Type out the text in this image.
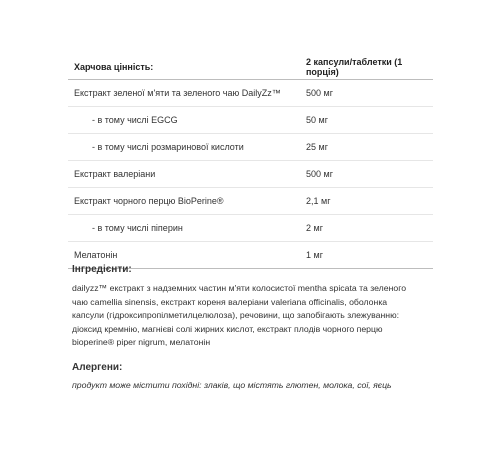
Харчова цінність:	2 капсули/таблетки (1 порція)
Екстракт зеленої м'яти та зеленого чаю DailyZz™	500 мг
- в тому числі EGCG	50 мг
- в тому числі розмаринової кислоти	25 мг
Екстракт валеріани	500 мг
Екстракт чорного перцю BioPerine®	2,1 мг
- в тому числі піперин	2 мг
Мелатонін	1 мг
Інгредієнти:
dailyzz™ екстракт з надземних частин м'яти колосистої mentha spicata та зеленого чаю camellia sinensis, екстракт кореня валеріани valeriana officinalis, оболонка капсули (гідроксипропілметилцелюлоза), речовини, що запобігають злежуванню: діоксид кремнію, магнієві солі жирних кислот, екстракт плодів чорного перцю bioperine® piper nigrum, мелатонін
Алергени:
продукт може містити похідні: злаків, що містять глютен, молока, сої, яєць
